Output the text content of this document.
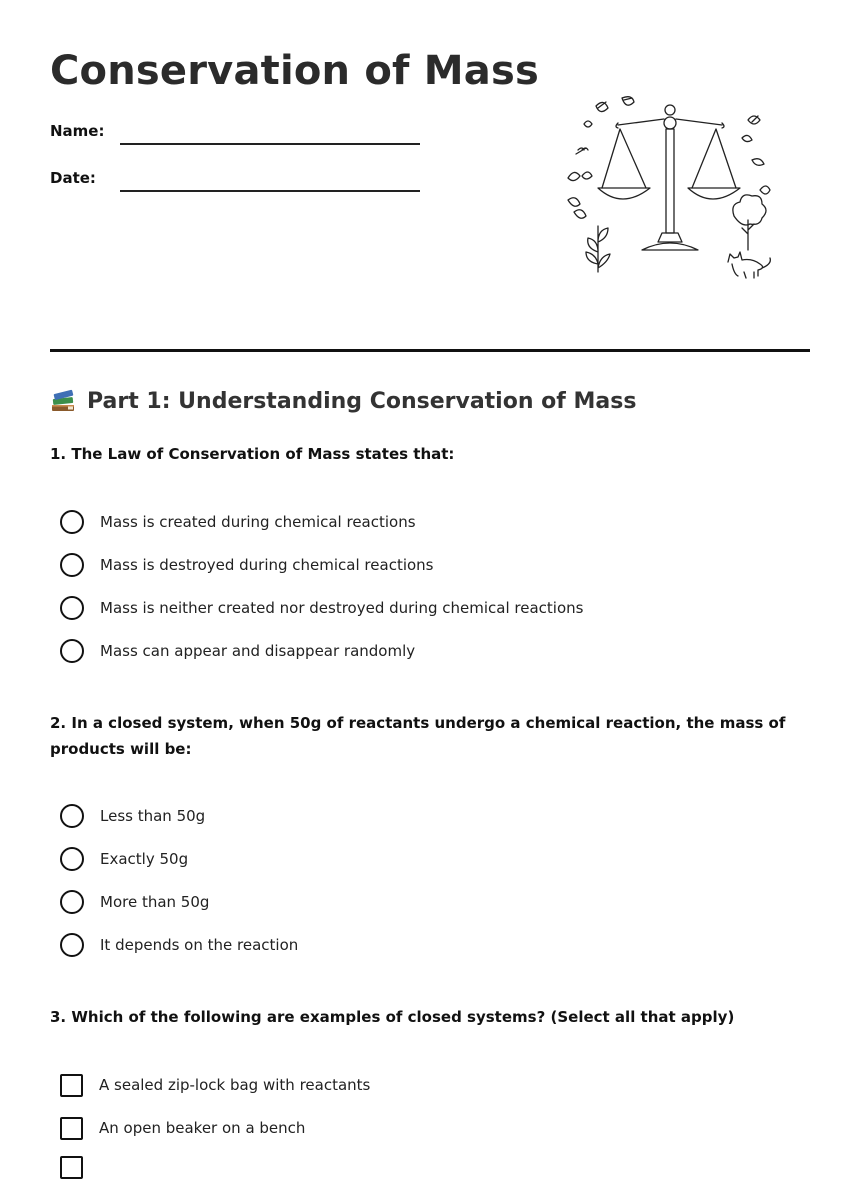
Conservation of Mass
Name:
Date:
Part 1: Understanding Conservation of Mass

1. The Law of Conservation of Mass states that:

Mass is created during chemical reactions
Mass is destroyed during chemical reactions
Mass is neither created nor destroyed during chemical reactions
Mass can appear and disappear randomly

2. In a closed system, when 50g of reactants undergo a chemical reaction, the mass of products will be:

Less than 50g
Exactly 50g
More than 50g
It depends on the reaction

3. Which of the following are examples of closed systems? (Select all that apply)

A sealed zip-lock bag with reactants
An open beaker on a bench
